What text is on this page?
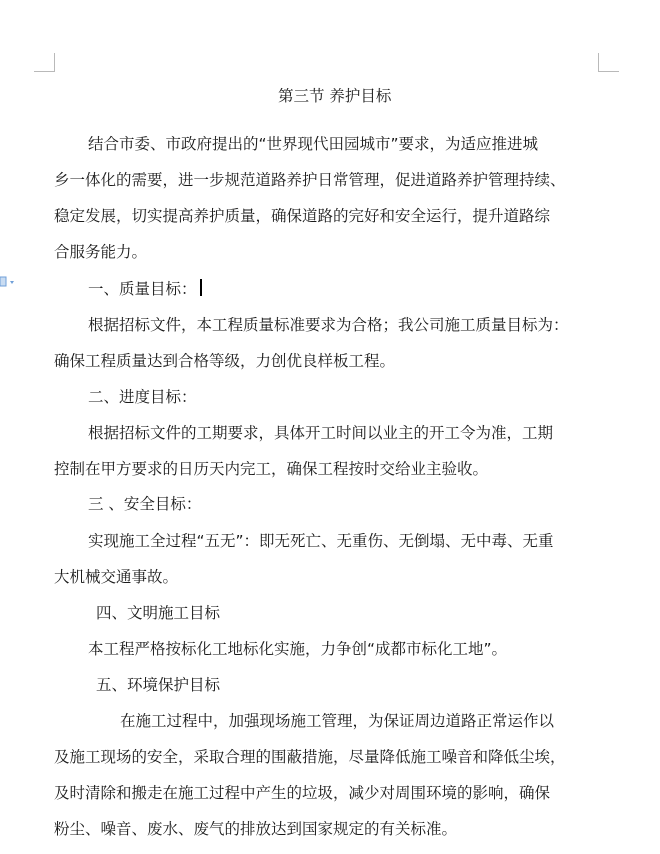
第三节 养护目标
结合市委、市政府提出的“世界现代田园城市”要求，为适应推进城
乡一体化的需要，进一步规范道路养护日常管理，促进道路养护管理持续、
稳定发展，切实提高养护质量，确保道路的完好和安全运行，提升道路综
合服务能力。
一、质量目标：
根据招标文件，本工程质量标准要求为合格；我公司施工质量目标为：
确保工程质量达到合格等级，力创优良样板工程。
二、进度目标：
根据招标文件的工期要求，具体开工时间以业主的开工令为准，工期
控制在甲方要求的日历天内完工，确保工程按时交给业主验收。
三 、安全目标：
实现施工全过程“五无”：即无死亡、无重伤、无倒塌、无中毒、无重
大机械交通事故。
四、文明施工目标
本工程严格按标化工地标化实施，力争创“成都市标化工地”。
五、环境保护目标
在施工过程中，加强现场施工管理，为保证周边道路正常运作以
及施工现场的安全，采取合理的围蔽措施，尽量降低施工噪音和降低尘埃，
及时清除和搬走在施工过程中产生的垃圾，减少对周围环境的影响，确保
粉尘、噪音、废水、废气的排放达到国家规定的有关标准。
